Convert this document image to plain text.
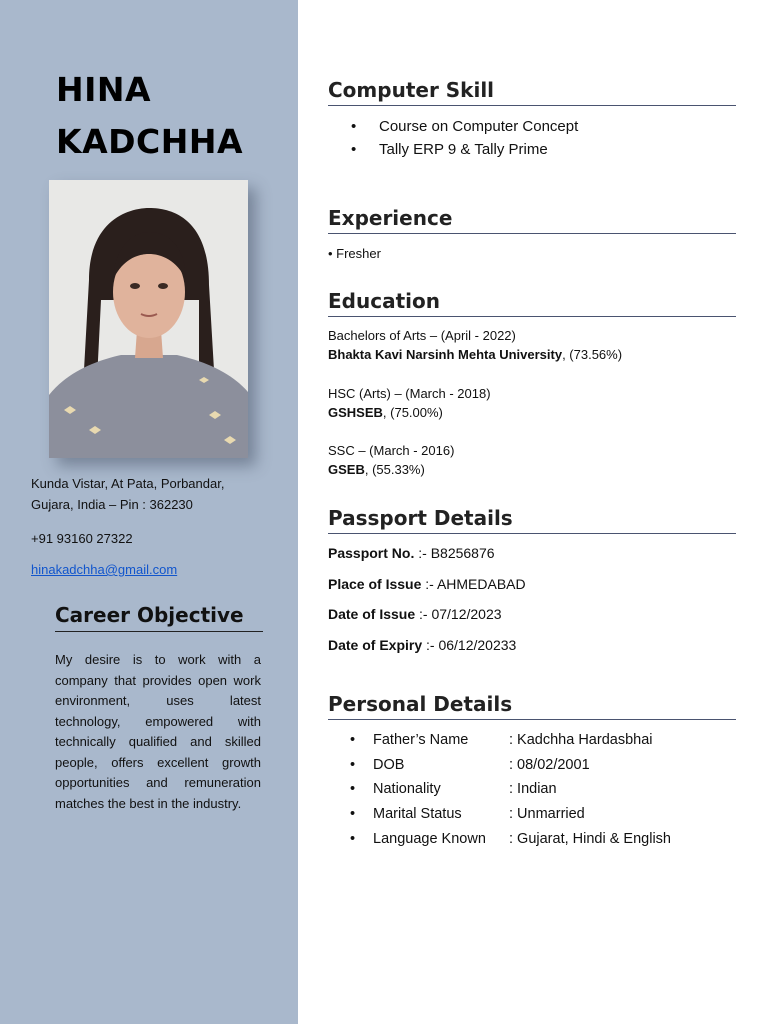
HINA
KADCHHA
Kunda Vistar, At Pata, Porbandar,
Gujara, India – Pin : 362230
+91 93160 27322
hinakadchha@gmail.com
Career Objective
My desire is to work with a company that provides open work environment, uses latest technology, empowered with technically qualified and skilled people, offers excellent growth opportunities and remuneration matches the best in the industry.
Computer Skill
• Course on Computer Concept
• Tally ERP 9 & Tally Prime
Experience
• Fresher
Education
Bachelors of Arts – (April - 2022)
Bhakta Kavi Narsinh Mehta University, (73.56%)
HSC (Arts) – (March - 2018)
GSHSEB, (75.00%)
SSC – (March - 2016)
GSEB, (55.33%)
Passport Details
Passport No. :- B8256876
Place of Issue :- AHMEDABAD
Date of Issue :- 07/12/2023
Date of Expiry :- 06/12/20233
Personal Details
• Father’s Name	: Kadchha Hardasbhai
• DOB	: 08/02/2001
• Nationality	: Indian
• Marital Status	: Unmarried
• Language Known : Gujarat, Hindi & English
